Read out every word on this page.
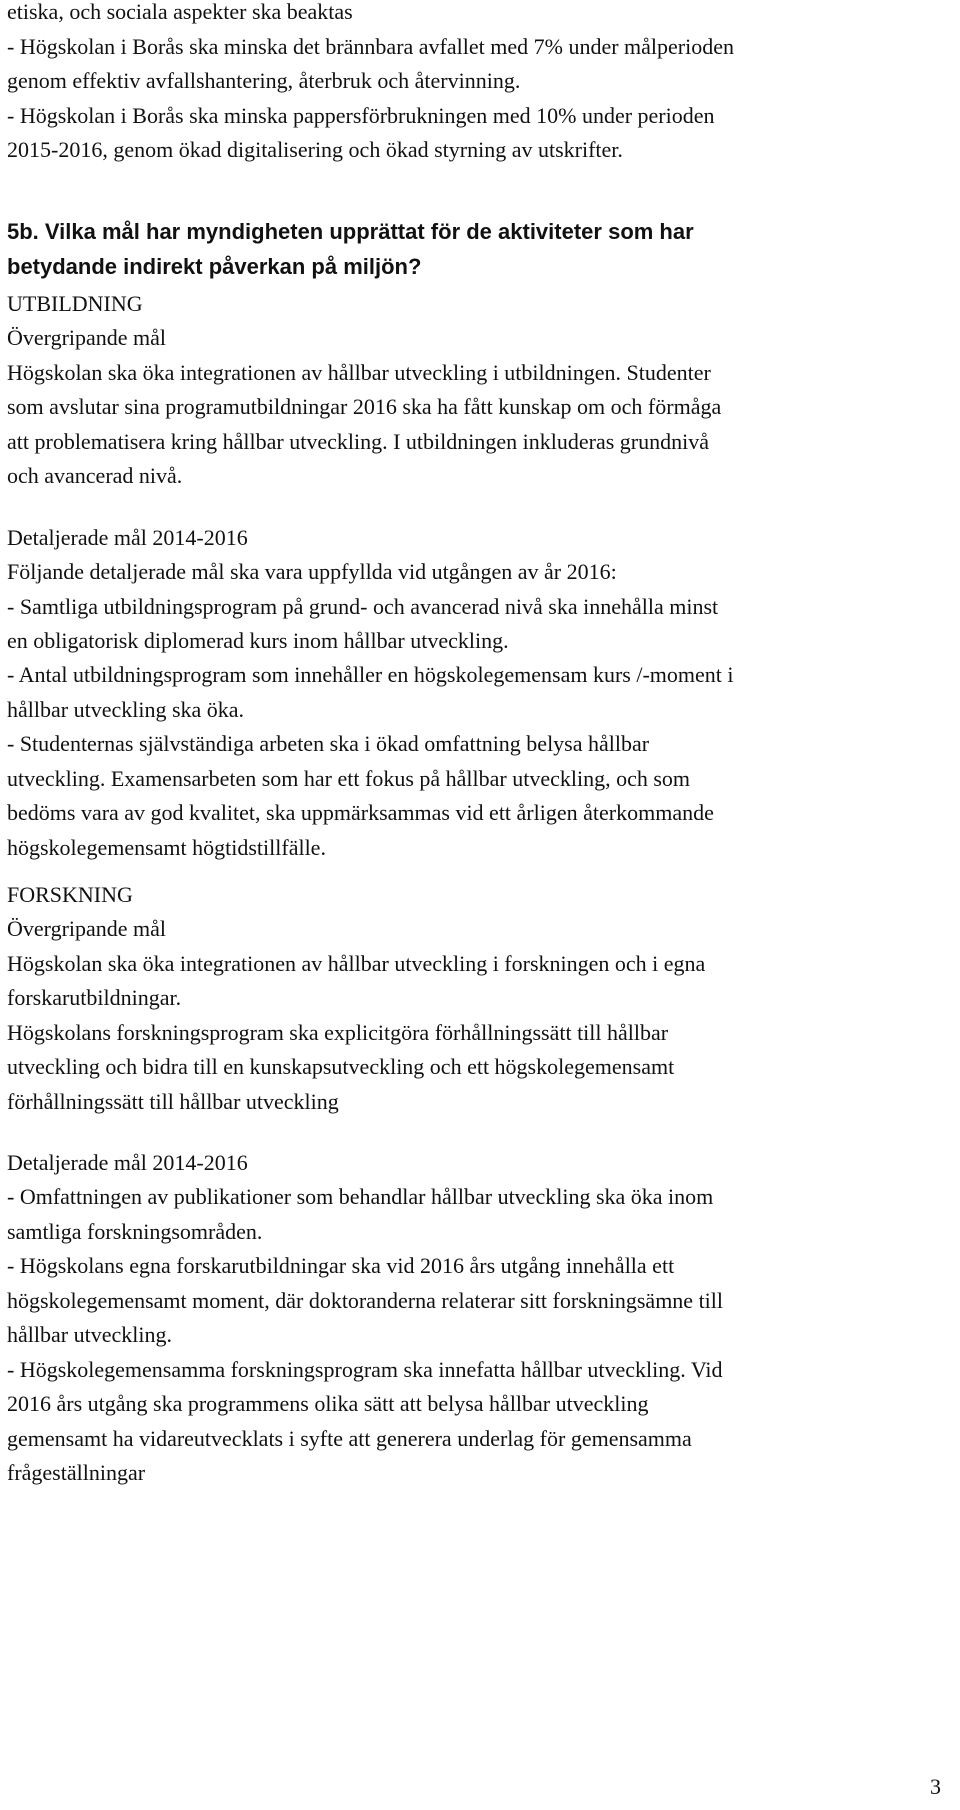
etiska, och sociala aspekter ska beaktas
- Högskolan i Borås ska minska det brännbara avfallet med 7% under målperioden
genom effektiv avfallshantering, återbruk och återvinning.
- Högskolan i Borås ska minska pappersförbrukningen med 10% under perioden
2015-2016, genom ökad digitalisering och ökad styrning av utskrifter.
5b. Vilka mål har myndigheten upprättat för de aktiviteter som har
betydande indirekt påverkan på miljön?
UTBILDNING
Övergripande mål
Högskolan ska öka integrationen av hållbar utveckling i utbildningen. Studenter
som avslutar sina programutbildningar 2016 ska ha fått kunskap om och förmåga
att problematisera kring hållbar utveckling. I utbildningen inkluderas grundnivå
och avancerad nivå.
Detaljerade mål 2014-2016
Följande detaljerade mål ska vara uppfyllda vid utgången av år 2016:
- Samtliga utbildningsprogram på grund- och avancerad nivå ska innehålla minst
en obligatorisk diplomerad kurs inom hållbar utveckling.
- Antal utbildningsprogram som innehåller en högskolegemensam kurs /-moment i
hållbar utveckling ska öka.
- Studenternas självständiga arbeten ska i ökad omfattning belysa hållbar
utveckling. Examensarbeten som har ett fokus på hållbar utveckling, och som
bedöms vara av god kvalitet, ska uppmärksammas vid ett årligen återkommande
högskolegemensamt högtidstillfälle.
FORSKNING
Övergripande mål
Högskolan ska öka integrationen av hållbar utveckling i forskningen och i egna
forskarutbildningar.
Högskolans forskningsprogram ska explicitgöra förhållningssätt till hållbar
utveckling och bidra till en kunskapsutveckling och ett högskolegemensamt
förhållningssätt till hållbar utveckling
Detaljerade mål 2014-2016
- Omfattningen av publikationer som behandlar hållbar utveckling ska öka inom
samtliga forskningsområden.
- Högskolans egna forskarutbildningar ska vid 2016 års utgång innehålla ett
högskolegemensamt moment, där doktoranderna relaterar sitt forskningsämne till
hållbar utveckling.
- Högskolegemensamma forskningsprogram ska innefatta hållbar utveckling. Vid
2016 års utgång ska programmens olika sätt att belysa hållbar utveckling
gemensamt ha vidareutvecklats i syfte att generera underlag för gemensamma
frågeställningar
3
